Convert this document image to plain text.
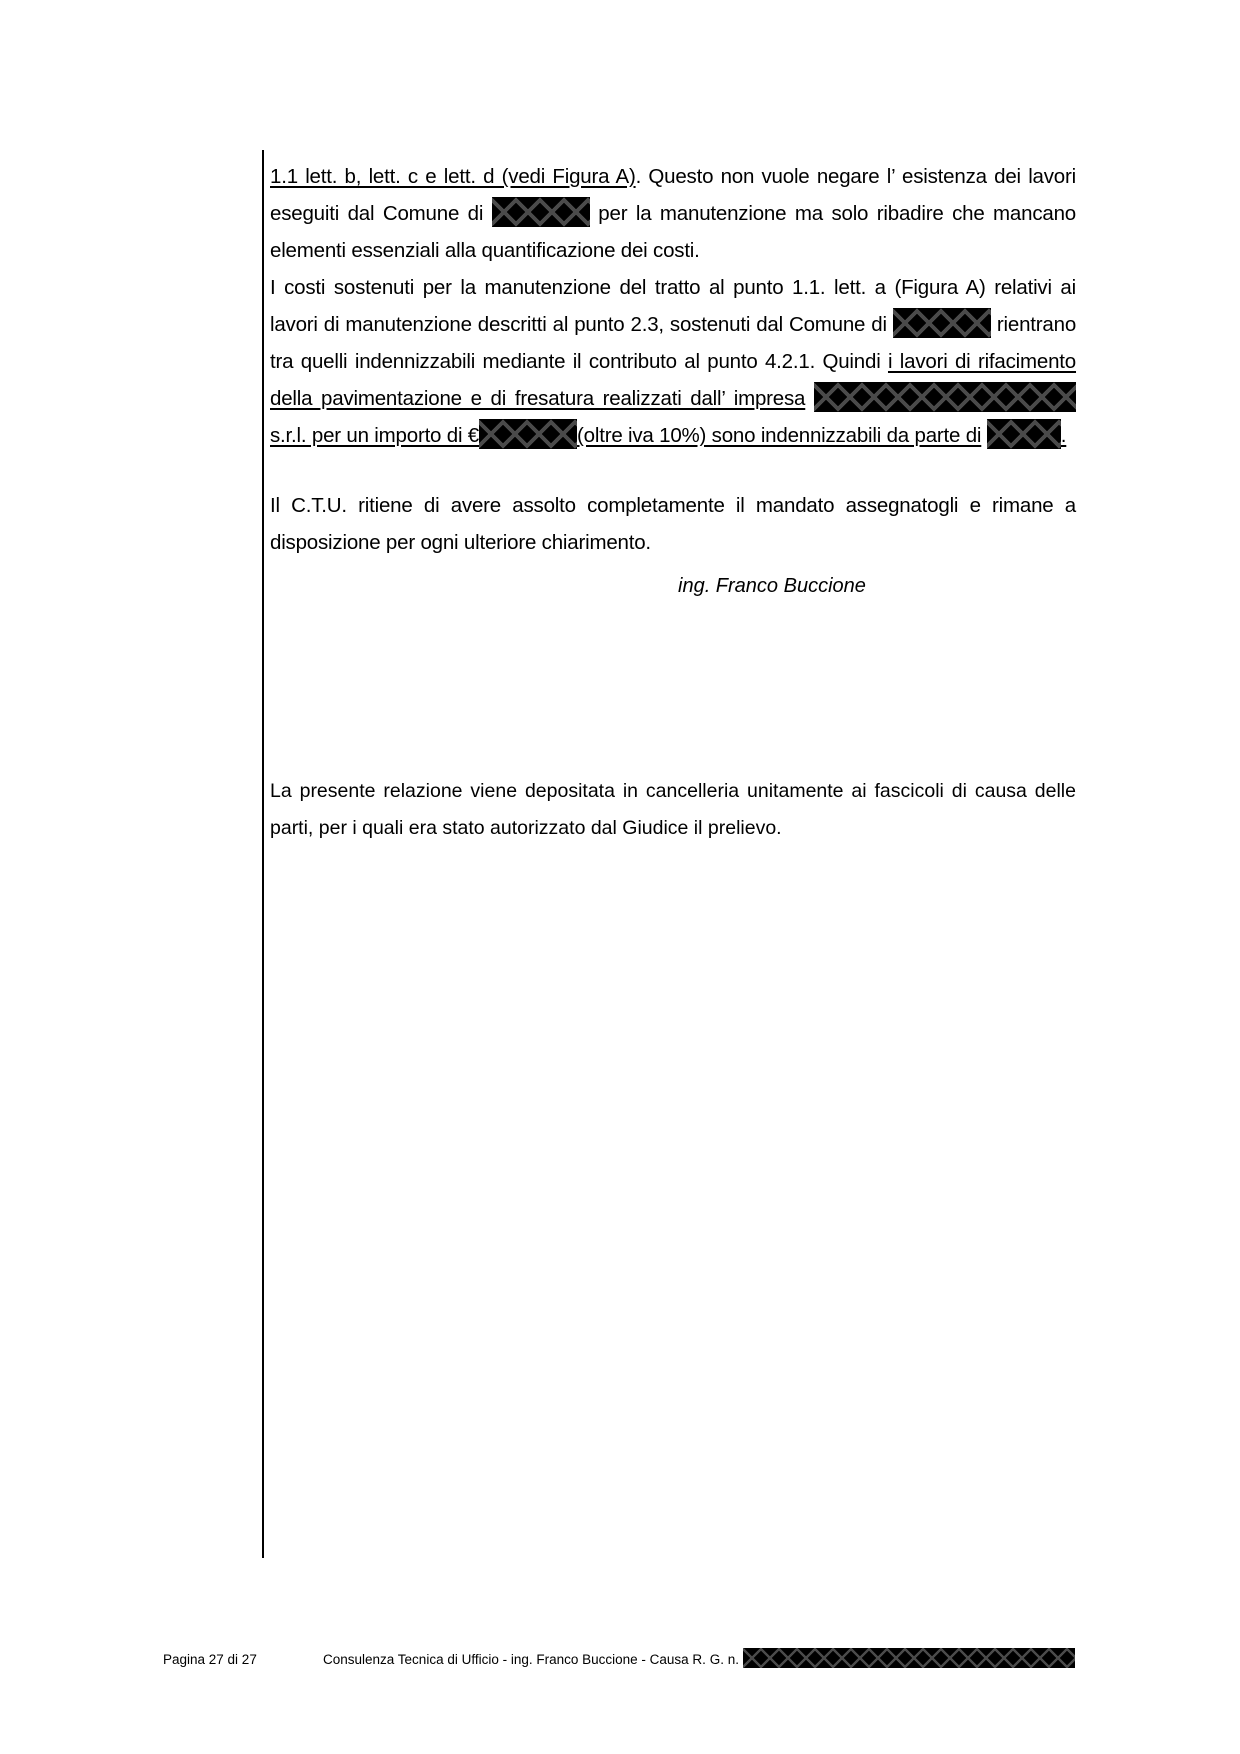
1.1 lett. b, lett. c e lett. d (vedi Figura A). Questo non vuole negare l’ esistenza dei lavori eseguiti dal Comune di	per la manutenzione ma solo ribadire che mancano elementi essenziali alla quantificazione dei costi.

I costi sostenuti per la manutenzione del tratto al punto 1.1. lett. a (Figura A) relativi ai lavori di manutenzione descritti al punto 2.3, sostenuti dal Comune di	rientrano tra quelli indennizzabili mediante il contributo al punto 4.2.1. Quindi i lavori di rifacimento della pavimentazione e di fresatura realizzati dall’ impresa  s.r.l. per un importo di €	(oltre iva 10%) sono indennizzabili da parte di	.

Il C.T.U. ritiene di avere assolto completamente il mandato assegnatogli e rimane a disposizione per ogni ulteriore chiarimento.

ing. Franco Buccione

La presente relazione viene depositata in cancelleria unitamente ai fascicoli di causa delle parti, per i quali era stato autorizzato dal Giudice il prelievo.

Pagina 27 di 27	Consulenza Tecnica di Ufficio - ing. Franco Buccione - Causa R. G. n.
